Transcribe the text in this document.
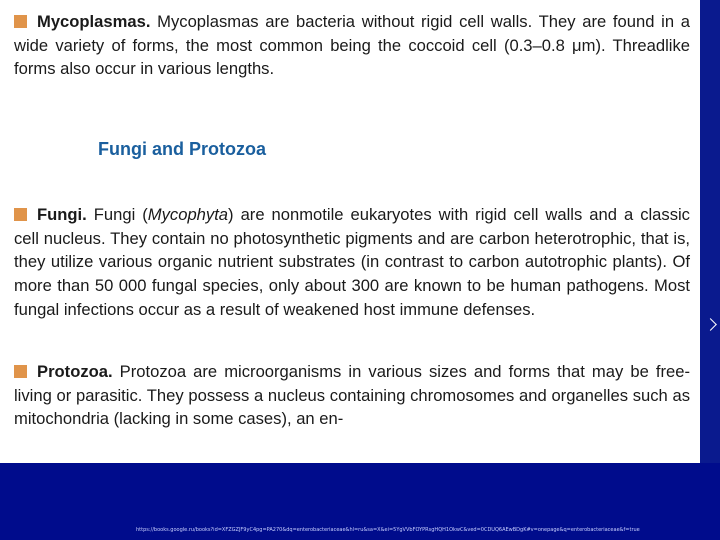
Mycoplasmas. Mycoplasmas are bacteria without rigid cell walls. They are found in a wide variety of forms, the most common being the coccoid cell (0.3–0.8 μm). Threadlike forms also occur in various lengths.

Fungi and Protozoa

Fungi. Fungi (Mycophyta) are nonmotile eukaryotes with rigid cell walls and a classic cell nucleus. They contain no photosynthetic pigments and are carbon heterotrophic, that is, they utilize various organic nutrient substrates (in contrast to carbon autotrophic plants). Of more than 50 000 fungal species, only about 300 are known to be human pathogens. Most fungal infections occur as a result of weakened host immune defenses.

Protozoa. Protozoa are microorganisms in various sizes and forms that may be free-living or parasitic. They possess a nucleus containing chromosomes and organelles such as mitochondria (lacking in some cases), an en-

https://books.google.ru/books?id=XFZGZJF9yC4pg=PA270&dq=enterobacteriaceae&hl=ru&sa=X&ei=5YgVVbFOYPRsgHQH1OkwC&ved=0CDUQ6AEwBDgK#v=onepage&q=enterobacteriaceae&f=true
